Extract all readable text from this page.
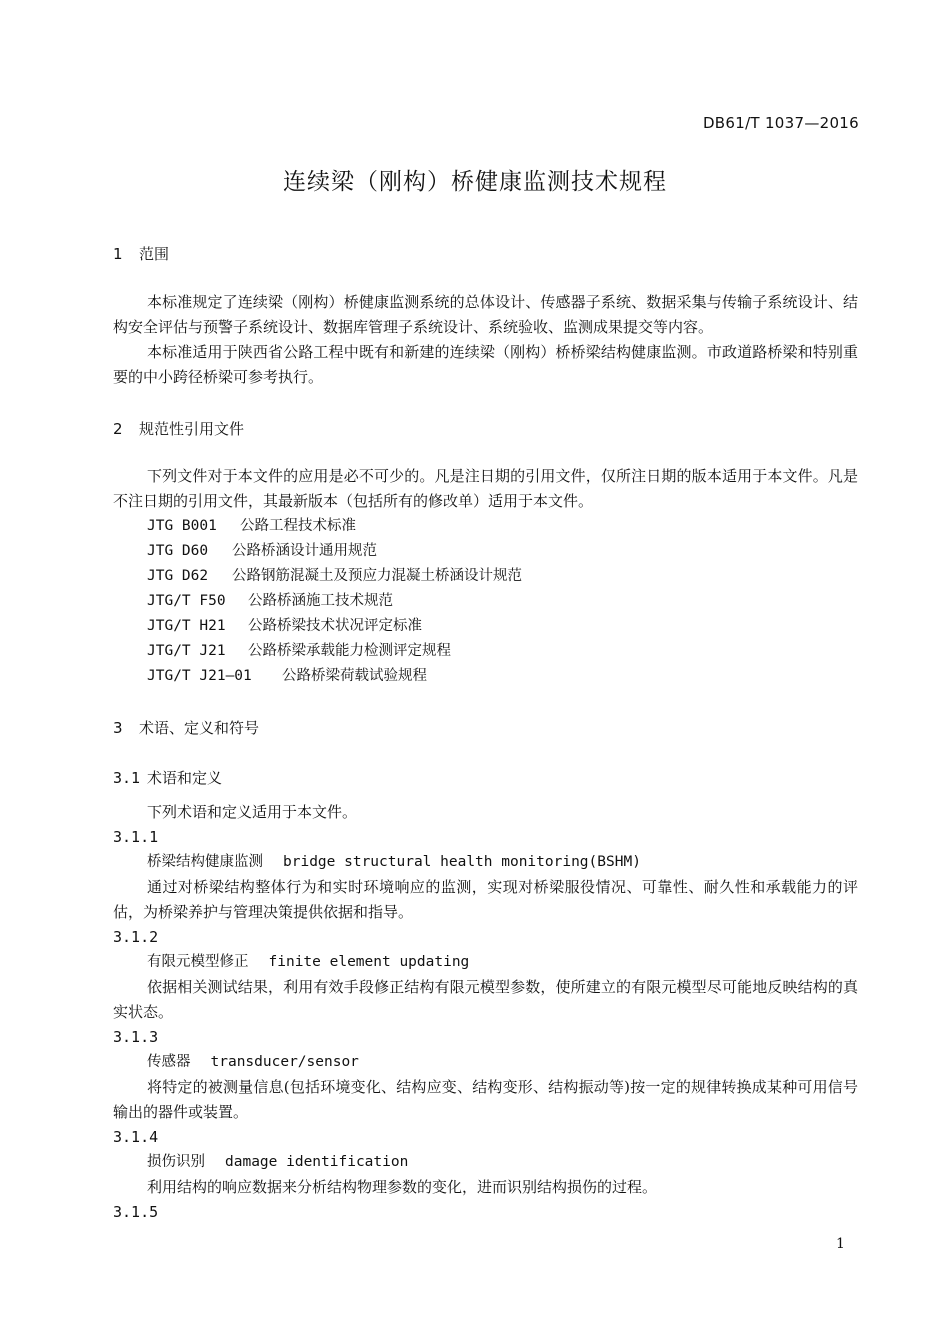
DB61/T 1037—2016
连续梁（刚构）桥健康监测技术规程
1 范围
本标准规定了连续梁（刚构）桥健康监测系统的总体设计、传感器子系统、数据采集与传输子系统设计、结构安全评估与预警子系统设计、数据库管理子系统设计、系统验收、监测成果提交等内容。
本标准适用于陕西省公路工程中既有和新建的连续梁（刚构）桥桥梁结构健康监测。市政道路桥梁和特别重要的中小跨径桥梁可参考执行。
2 规范性引用文件
下列文件对于本文件的应用是必不可少的。凡是注日期的引用文件，仅所注日期的版本适用于本文件。凡是不注日期的引用文件，其最新版本（包括所有的修改单）适用于本文件。
JTG B001 公路工程技术标准
JTG D60 公路桥涵设计通用规范
JTG D62 公路钢筋混凝土及预应力混凝土桥涵设计规范
JTG/T F50 公路桥涵施工技术规范
JTG/T H21 公路桥梁技术状况评定标准
JTG/T J21 公路桥梁承载能力检测评定规程
JTG/T J21—01 公路桥梁荷载试验规程
3 术语、定义和符号
3.1 术语和定义
下列术语和定义适用于本文件。
3.1.1
桥梁结构健康监测 bridge structural health monitoring(BSHM)
通过对桥梁结构整体行为和实时环境响应的监测，实现对桥梁服役情况、可靠性、耐久性和承载能力的评估，为桥梁养护与管理决策提供依据和指导。
3.1.2
有限元模型修正 finite element updating
依据相关测试结果，利用有效手段修正结构有限元模型参数，使所建立的有限元模型尽可能地反映结构的真实状态。
3.1.3
传感器 transducer/sensor
将特定的被测量信息(包括环境变化、结构应变、结构变形、结构振动等)按一定的规律转换成某种可用信号输出的器件或装置。
3.1.4
损伤识别 damage identification
利用结构的响应数据来分析结构物理参数的变化，进而识别结构损伤的过程。
3.1.5
1
